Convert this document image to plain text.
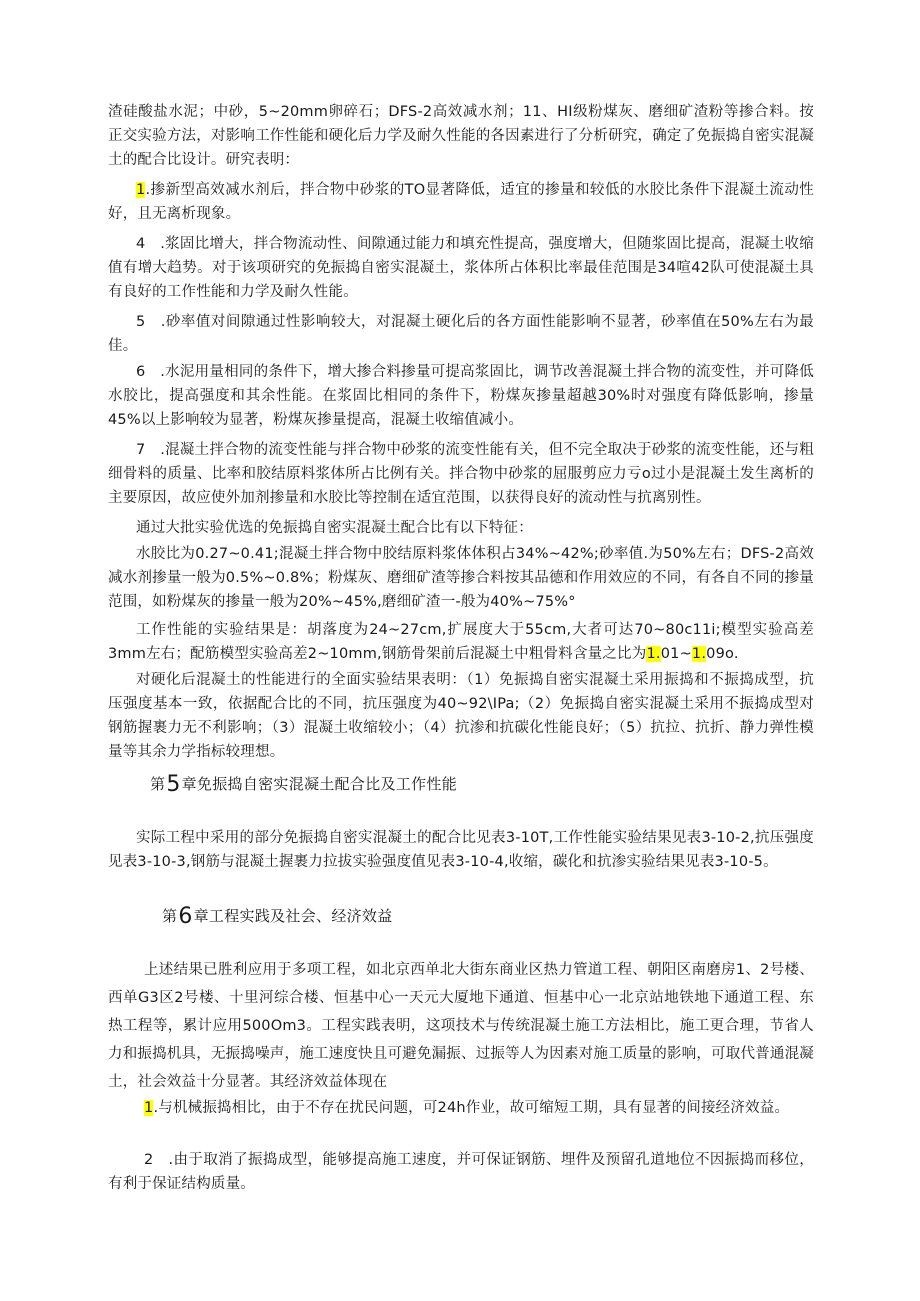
渣硅酸盐水泥；中砂，5~20mm卵碎石；DFS-2高效减水剂；11、HI级粉煤灰、磨细矿渣粉等掺合料。按正交实验方法，对影响工作性能和硬化后力学及耐久性能的各因素进行了分析研究，确定了免振捣自密实混凝土的配合比设计。研究表明：

1.掺新型高效减水剂后，拌合物中砂浆的TO显著降低，适宜的掺量和较低的水胶比条件下混凝土流动性好，且无离析现象。

4　.浆固比增大，拌合物流动性、间隙通过能力和填充性提高，强度增大，但随浆固比提高，混凝土收缩值有增大趋势。对于该项研究的免振捣自密实混凝土，浆体所占体积比率最佳范围是34喧42队可使混凝土具有良好的工作性能和力学及耐久性能。

5　.砂率值对间隙通过性影响较大，对混凝土硬化后的各方面性能影响不显著，砂率值在50%左右为最佳。

6　.水泥用量相同的条件下，增大掺合料掺量可提高浆固比，调节改善混凝土拌合物的流变性，并可降低水胶比，提高强度和其余性能。在浆固比相同的条件下，粉煤灰掺量超越30%时对强度有降低影响，掺量45%以上影响较为显著，粉煤灰掺量提高，混凝土收缩值减小。

7　.混凝土拌合物的流变性能与拌合物中砂浆的流变性能有关，但不完全取决于砂浆的流变性能，还与粗细骨料的质量、比率和胶结原料浆体所占比例有关。拌合物中砂浆的屈服剪应力亏o过小是混凝土发生离析的主要原因，故应使外加剂掺量和水胶比等控制在适宜范围，以获得良好的流动性与抗离别性。

通过大批实验优选的免振捣自密实混凝土配合比有以下特征：

水胶比为0.27~0.41;混凝土拌合物中胶结原料浆体体积占34%~42%;砂率值.为50%左右；DFS-2高效减水剂掺量一般为0.5%~0.8%；粉煤灰、磨细矿渣等掺合料按其品德和作用效应的不同，有各自不同的掺量范围，如粉煤灰的掺量一般为20%~45%,磨细矿渣一-般为40%~75%°

工作性能的实验结果是：胡落度为24~27cm,扩展度大于55cm,大者可达70~80c11i;模型实验高差3mm左右；配筋模型实验高差2~10mm,钢筋骨架前后混凝土中粗骨料含量之比为1.01~1.09o.

对硬化后混凝土的性能进行的全面实验结果表明：（1）免振捣自密实混凝土采用振捣和不振捣成型，抗压强度基本一致，依据配合比的不同，抗压强度为40~92\IPa;（2）免振捣自密实混凝土采用不振捣成型对钢筋握裹力无不利影响；（3）混凝土收缩较小；（4）抗渗和抗碳化性能良好；（5）抗拉、抗折、静力弹性模量等其余力学指标较理想。

第5章免振捣自密实混凝土配合比及工作性能

实际工程中采用的部分免振捣自密实混凝土的配合比见表3-10T,工作性能实验结果见表3-10-2,抗压强度见表3-10-3,钢筋与混凝土握裹力拉拔实验强度值见表3-10-4,收缩，碳化和抗渗实验结果见表3-10-5。

第6章工程实践及社会、经济效益

上述结果已胜利应用于多项工程，如北京西单北大街东商业区热力管道工程、朝阳区南磨房1、2号楼、西单G3区2号楼、十里河综合楼、恒基中心一天元大厦地下通道、恒基中心一北京站地铁地下通道工程、东热工程等，累计应用500Om3。工程实践表明，这项技术与传统混凝土施工方法相比，施工更合理，节省人力和振捣机具，无振捣噪声，施工速度快且可避免漏振、过振等人为因素对施工质量的影响，可取代普通混凝土，社会效益十分显著。其经济效益体现在

1.与机械振捣相比，由于不存在扰民问题，可24h作业，故可缩短工期，具有显著的间接经济效益。

2　.由于取消了振捣成型，能够提高施工速度，并可保证钢筋、埋件及预留孔道地位不因振捣而移位，有利于保证结构质量。
